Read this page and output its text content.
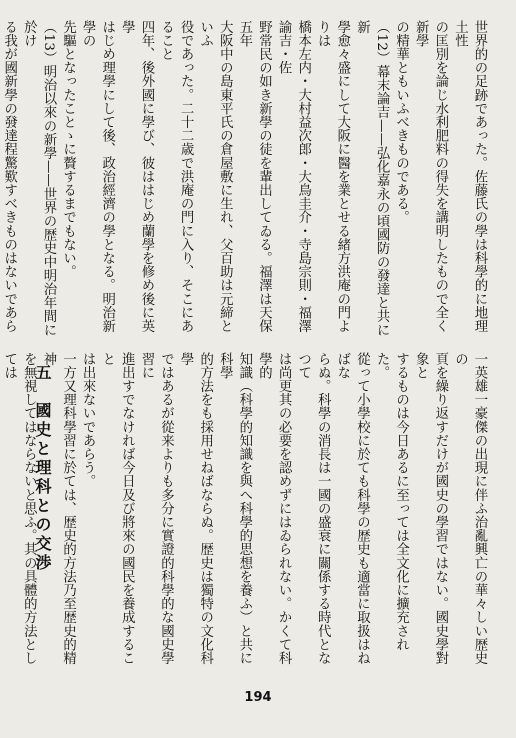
世界的の足跡であった。佐藤氏の學は科學的に地理土性
の匡別を論じ水利肥料の得失を講明したもので全く新學
の精華ともいふべきものである。
（12）幕末論吉——弘化嘉永の頃國防の發達と共に新
學愈々盛にして大阪に醫を業とせる緒方洪庵の門よりは
橋本左内・大村益次郎・大鳥圭介・寺島宗則・福澤諭吉・佐
野常民の如き新學の徒を輩出してゐる。福澤は天保五年
大阪中の島東平氏の倉屋敷に生れ、父百助は元締といふ
役であった。二十二歳で洪庵の門に入り、そこにあること
四年、後外國に學び、彼ははじめ蘭學を修め後に英學
はじめ理學にして後、政治經濟の學となる。明治新學の
先驅となったことゝに贅するまでもない。
（13）明治以來の新學——世界の歴史中明治年間に於け
る我が國新學の發達程驚歎すべきものはないであら

五　國史と理科との交渉	一英雄一豪傑の出現に伴ふ治亂興亡の華々しい歴史の
頁を繰り返すだけが國史の學習ではない。國史學對象と
するものは今日あるに至っては全文化に擴充された。
從って小學校に於ても科學の歴史も適當に取扱はねばな
らぬ。科學の消長は一國の盛衰に關係する時代となつて
は尚更其の必要を認めずにはゐられない。かくて科學的
知識（科學的知識を與へ科學的思想を養ふ）と共に科學
的方法をも採用せねばならぬ。歴史は獨特の文化科學
ではあるが從来よりも多分に實證的科學的な國史學習に
進出すでなければ今日及び將來の國民を養成すること
は出來ないであらう。
一方又理科學習に於ては、歴史的方法乃至歴史的精神
を無視してはならないと思ふ。其の具體的方法としては

194
